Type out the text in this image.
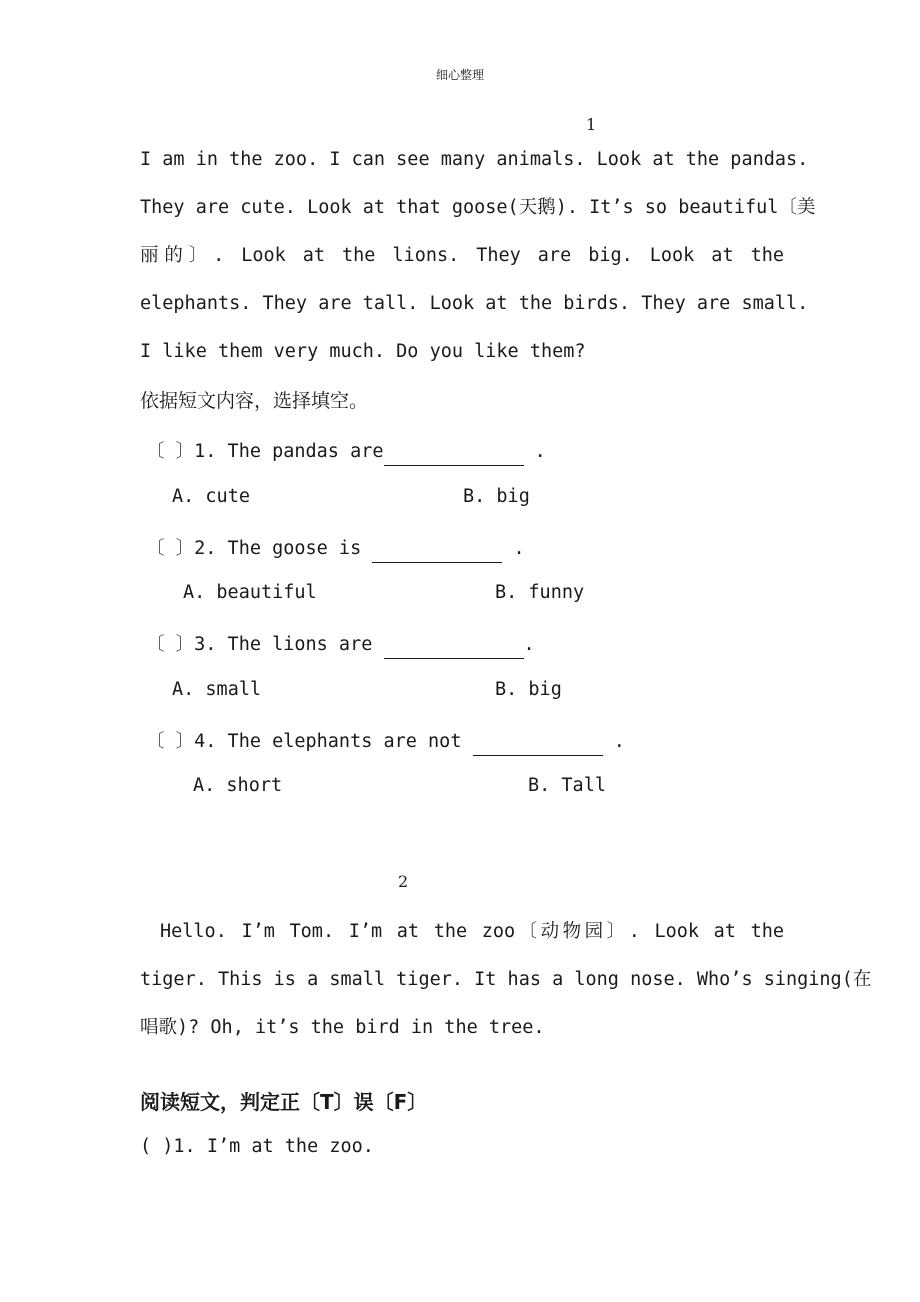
细心整理
1
I am in the zoo. I can see many animals. Look at the pandas.
They are cute. Look at that goose(天鹅). It’s so beautiful〔美
丽的〕. Look at the lions. They are big. Look at the
elephants. They are tall. Look at the birds. They are small.
I like them very much. Do you like them?
依据短文内容，选择填空。
〔 〕1. The pandas are	.
A. cute	B. big
〔 〕2. The goose is	.
A. beautiful	B. funny
〔 〕3. The lions are	.
A. small	B. big
〔 〕4. The elephants are not	.
A. short	B. Tall
2
Hello. I’m Tom. I’m at the zoo〔动物园〕. Look at the
tiger. This is a small tiger. It has a long nose. Who’s singing(在
唱歌)? Oh, it’s the bird in the tree.
阅读短文，判定正〔T〕误〔F〕
( )1. I’m at the zoo.
